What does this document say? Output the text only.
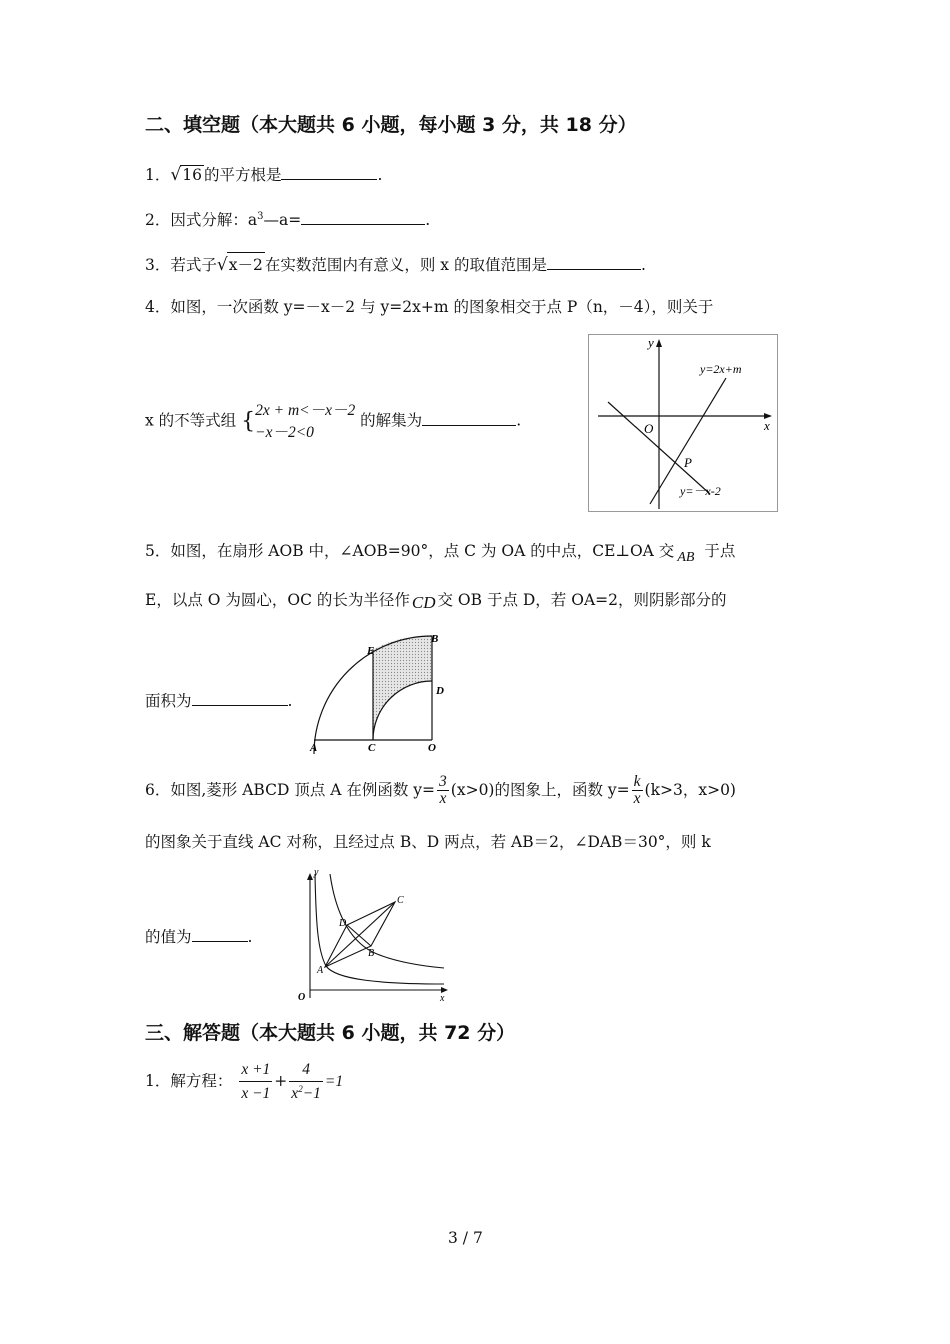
二、填空题（本大题共 6 小题，每小题 3 分，共 18 分）
1．√16 的平方根是	.
2．因式分解：$a^3—a=$	.
3．若式子√x－2 在实数范围内有意义，则 x 的取值范围是	.
4．如图，一次函数 y=－x－2 与 y=2x+m 的图象相交于点 P（n，－4），则关于
x 的不等式组 { 2x + m<－x－2
−x－2<0
的解集为	.
y
x
O
P
y=2x+m
y=－x-2
5．如图，在扇形 AOB 中，∠AOB=90°，点 C 为 OA 的中点，CE⊥OA 交 AB 于点
E，以点 O 为圆心，OC 的长为半径作 CD 交 OB 于点 D，若 OA=2，则阴影部分的
面积为	.
A	C	O
E
B
D
6．如图,菱形 ABCD 顶点 A 在例函数 $y= \frac{3}{x} (x>0)$的图象上，函数 $y= \frac{k}{x} (k>3$，x>0)
的图象关于直线 AC 对称，且经过点 B、D 两点，若 AB＝2，∠DAB＝30°，则 k
的值为	.
y
x
O
A
B
C
D
三、解答题（本大题共 6 小题，共 72 分）
1．解方程： $\frac{x +1}{x -1} + \frac{4}{x^2-1} =1$
3 / 7
